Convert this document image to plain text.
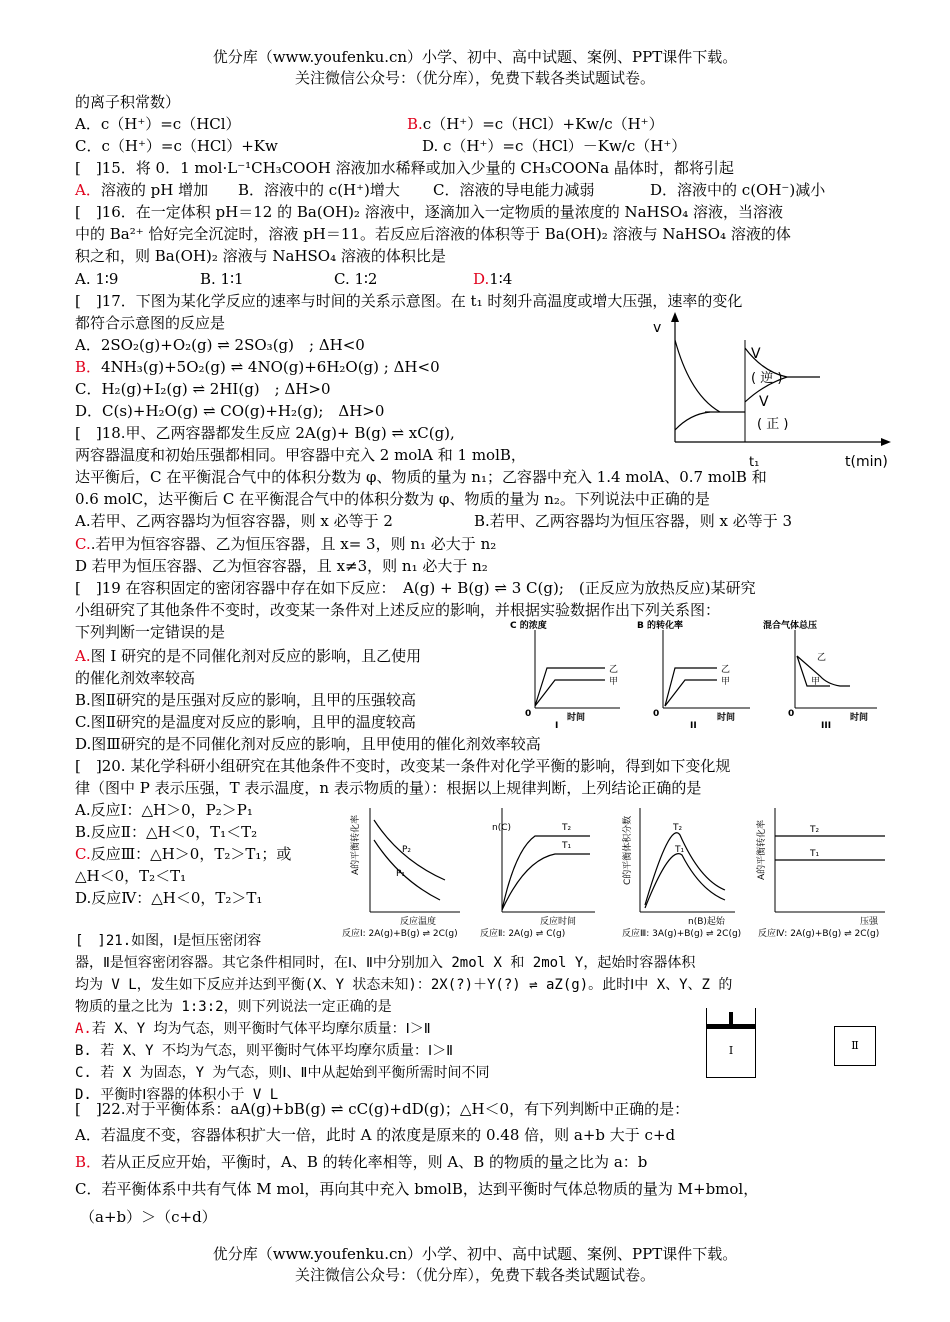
优分库（www.youfenku.cn）小学、初中、高中试题、案例、PPT课件下载。
关注微信公众号：（优分库），免费下载各类试题试卷。
的离子积常数）
A．c（H⁺）=c（HCl）	B.c（H⁺）=c（HCl）+Kw/c（H⁺）
C．c（H⁺）=c（HCl）+Kw	D. c（H⁺）=c（HCl）－Kw/c（H⁺）
[　]15．将 0．1 mol·L⁻¹CH₃COOH 溶液加水稀释或加入少量的 CH₃COONa 晶体时，都将引起
A．溶液的 pH 增加 B．溶液中的 c(H⁺)增大 C．溶液的导电能力减弱	D．溶液中的 c(OH⁻)减小
[　]16．在一定体积 pH＝12 的 Ba(OH)₂ 溶液中，逐滴加入一定物质的量浓度的 NaHSO₄ 溶液，当溶液
中的 Ba²⁺ 恰好完全沉淀时，溶液 pH＝11。若反应后溶液的体积等于 Ba(OH)₂ 溶液与 NaHSO₄ 溶液的体
积之和，则 Ba(OH)₂ 溶液与 NaHSO₄ 溶液的体积比是
A. 1∶9	B. 1∶1	C. 1∶2	D.1∶4
[　]17．下图为某化学反应的速率与时间的关系示意图。在 t₁ 时刻升高温度或增大压强，速率的变化
都符合示意图的反应是
A．2SO₂(g)+O₂(g) ⇌ 2SO₃(g)　; ΔH<0
B．4NH₃(g)+5O₂(g) ⇌ 4NO(g)+6H₂O(g) ; ΔH<0
C．H₂(g)+I₂(g) ⇌ 2HI(g)　; ΔH>0
D．C(s)+H₂O(g) ⇌ CO(g)+H₂(g);　ΔH>0
v
t(min)
t₁
V
( 逆 )
V
( 正 )
[　]18.甲、乙两容器都发生反应 2A(g)+ B(g) ⇌ xC(g),
两容器温度和初始压强都相同。甲容器中充入 2 molA 和 1 molB，
达平衡后，C 在平衡混合气中的体积分数为 φ、物质的量为 n₁；乙容器中充入 1.4 molA、0.7 molB 和
0.6 molC，达平衡后 C 在平衡混合气中的体积分数为 φ、物质的量为 n₂。下列说法中正确的是
A.若甲、乙两容器均为恒容容器，则 x 必等于 2	B.若甲、乙两容器均为恒压容器，则 x 必等于 3
C..若甲为恒容容器、乙为恒压容器，且 x= 3，则 n₁ 必大于 n₂
D 若甲为恒压容器、乙为恒容容器，且 x≠3，则 n₁ 必大于 n₂
[　]19 在容积固定的密闭容器中存在如下反应：　A(g) + B(g) ⇌ 3 C(g);　(正反应为放热反应)某研究
小组研究了其他条件不变时，改变某一条件对上述反应的影响，并根据实验数据作出下列关系图：
下列判断一定错误的是
A.图 I 研究的是不同催化剂对反应的影响，且乙使用
的催化剂效率较高
B.图Ⅱ研究的是压强对反应的影响，且甲的压强较高
C.图Ⅱ研究的是温度对反应的影响，且甲的温度较高
D.图Ⅲ研究的是不同催化剂对反应的影响，且甲使用的催化剂效率较高
C 的浓度
时间
0
I
乙
甲
B 的转化率
时间
0
II
乙
甲
混合气体总压
时间
0
III
乙
甲
[　]20. 某化学科研小组研究在其他条件不变时，改变某一条件对化学平衡的影响，得到如下变化规
律（图中 P 表示压强，T 表示温度，n 表示物质的量）：根据以上规律判断，上列结论正确的是
A.反应Ⅰ：△H＞0，P₂＞P₁
B.反应Ⅱ：△H＜0，T₁＜T₂
C.反应Ⅲ：△H＞0，T₂＞T₁；或
△H＜0，T₂＜T₁
D.反应Ⅳ：△H＜0，T₂＞T₁
A的平衡转化率
反应温度
P₂
P₁
反应Ⅰ: 2A(g)+B(g) ⇌ 2C(g)
n(C)
反应时间
T₂
T₁
反应Ⅱ: 2A(g) ⇌ C(g)
C的平衡体积分数
n(B)起始
T₂
T₁
反应Ⅲ: 3A(g)+B(g) ⇌ 2C(g)
A的平衡转化率
压强
T₂
T₁
反应Ⅳ: 2A(g)+B(g) ⇌ 2C(g)
[　]21.如图，Ⅰ是恒压密闭容
器，Ⅱ是恒容密闭容器。其它条件相同时，在Ⅰ、Ⅱ中分别加入 2mol X 和 2mol Y，起始时容器体积
均为 V L，发生如下反应并达到平衡(X、Y 状态未知)：2X(?)＋Y(?) ⇌ aZ(g)。此时Ⅰ中 X、Y、Z 的
物质的量之比为 1:3:2，则下列说法一定正确的是
A.若 X、Y 均为气态，则平衡时气体平均摩尔质量：Ⅰ＞Ⅱ
B. 若 X、Y 不均为气态，则平衡时气体平均摩尔质量：Ⅰ＞Ⅱ
C. 若 X 为固态，Y 为气态，则Ⅰ、Ⅱ中从起始到平衡所需时间不同
D. 平衡时Ⅰ容器的体积小于 V L
Ⅰ	Ⅱ
[　]22.对于平衡体系：aA(g)+bB(g) ⇌ cC(g)+dD(g)；△H＜0，有下列判断中正确的是：
A．若温度不变，容器体积扩大一倍，此时 A 的浓度是原来的 0.48 倍，则 a+b 大于 c+d
B．若从正反应开始，平衡时，A、B 的转化率相等，则 A、B 的物质的量之比为 a：b
C．若平衡体系中共有气体 M mol，再向其中充入 bmolB，达到平衡时气体总物质的量为 M+bmol，
（a+b）＞（c+d）
优分库（www.youfenku.cn）小学、初中、高中试题、案例、PPT课件下载。
关注微信公众号：（优分库），免费下载各类试题试卷。
